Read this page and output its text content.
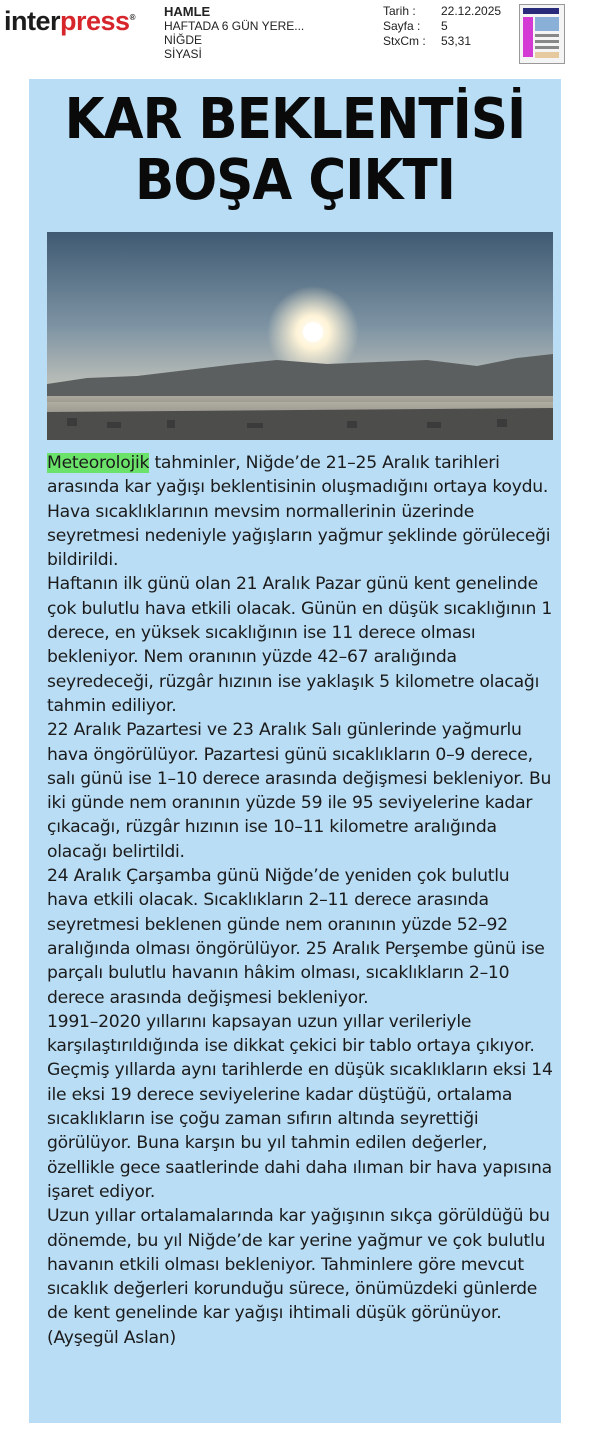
interpress® HAMLE
HAFTADA 6 GÜN YERE...
NİĞDE
SİYASİ
Tarih :	22.12.2025
Sayfa :	5
StxCm :	53,31
KAR BEKLENTİSİ
BOŞA ÇIKTI

Meteorolojik tahminler, Niğde’de 21–25 Aralık tarihleri arasında kar yağışı beklentisinin oluşmadığını ortaya koydu. Hava sıcaklıklarının mevsim normallerinin üzerinde seyretmesi nedeniyle yağışların yağmur şeklinde görüleceği bildirildi.

Haftanın ilk günü olan 21 Aralık Pazar günü kent genelinde çok bulutlu hava etkili olacak. Günün en düşük sıcaklığının 1 derece, en yüksek sıcaklığının ise 11 derece olması bekleniyor. Nem oranının yüzde 42–67 aralığında seyredeceği, rüzgâr hızının ise yaklaşık 5 kilometre olacağı tahmin ediliyor.

22 Aralık Pazartesi ve 23 Aralık Salı günlerinde yağmurlu hava öngörülüyor. Pazartesi günü sıcaklıkların 0–9 derece, salı günü ise 1–10 derece arasında değişmesi bekleniyor. Bu iki günde nem oranının yüzde 59 ile 95 seviyelerine kadar çıkacağı, rüzgâr hızının ise 10–11 kilometre aralığında olacağı belirtildi.

24 Aralık Çarşamba günü Niğde’de yeniden çok bulutlu hava etkili olacak. Sıcaklıkların 2–11 derece arasında seyretmesi beklenen günde nem oranının yüzde 52–92 aralığında olması öngörülüyor. 25 Aralık Perşembe günü ise parçalı bulutlu havanın hâkim olması, sıcaklıkların 2–10 derece arasında değişmesi bekleniyor.

1991–2020 yıllarını kapsayan uzun yıllar verileriyle karşılaştırıldığında ise dikkat çekici bir tablo ortaya çıkıyor. Geçmiş yıllarda aynı tarihlerde en düşük sıcaklıkların eksi 14 ile eksi 19 derece seviyelerine kadar düştüğü, ortalama sıcaklıkların ise çoğu zaman sıfırın altında seyrettiği görülüyor. Buna karşın bu yıl tahmin edilen değerler, özellikle gece saatlerinde dahi daha ılıman bir hava yapısına işaret ediyor.

Uzun yıllar ortalamalarında kar yağışının sıkça görüldüğü bu dönemde, bu yıl Niğde’de kar yerine yağmur ve çok bulutlu havanın etkili olması bekleniyor. Tahminlere göre mevcut sıcaklık değerleri korunduğu sürece, önümüzdeki günlerde de kent genelinde kar yağışı ihtimali düşük görünüyor. (Ayşegül Aslan)
